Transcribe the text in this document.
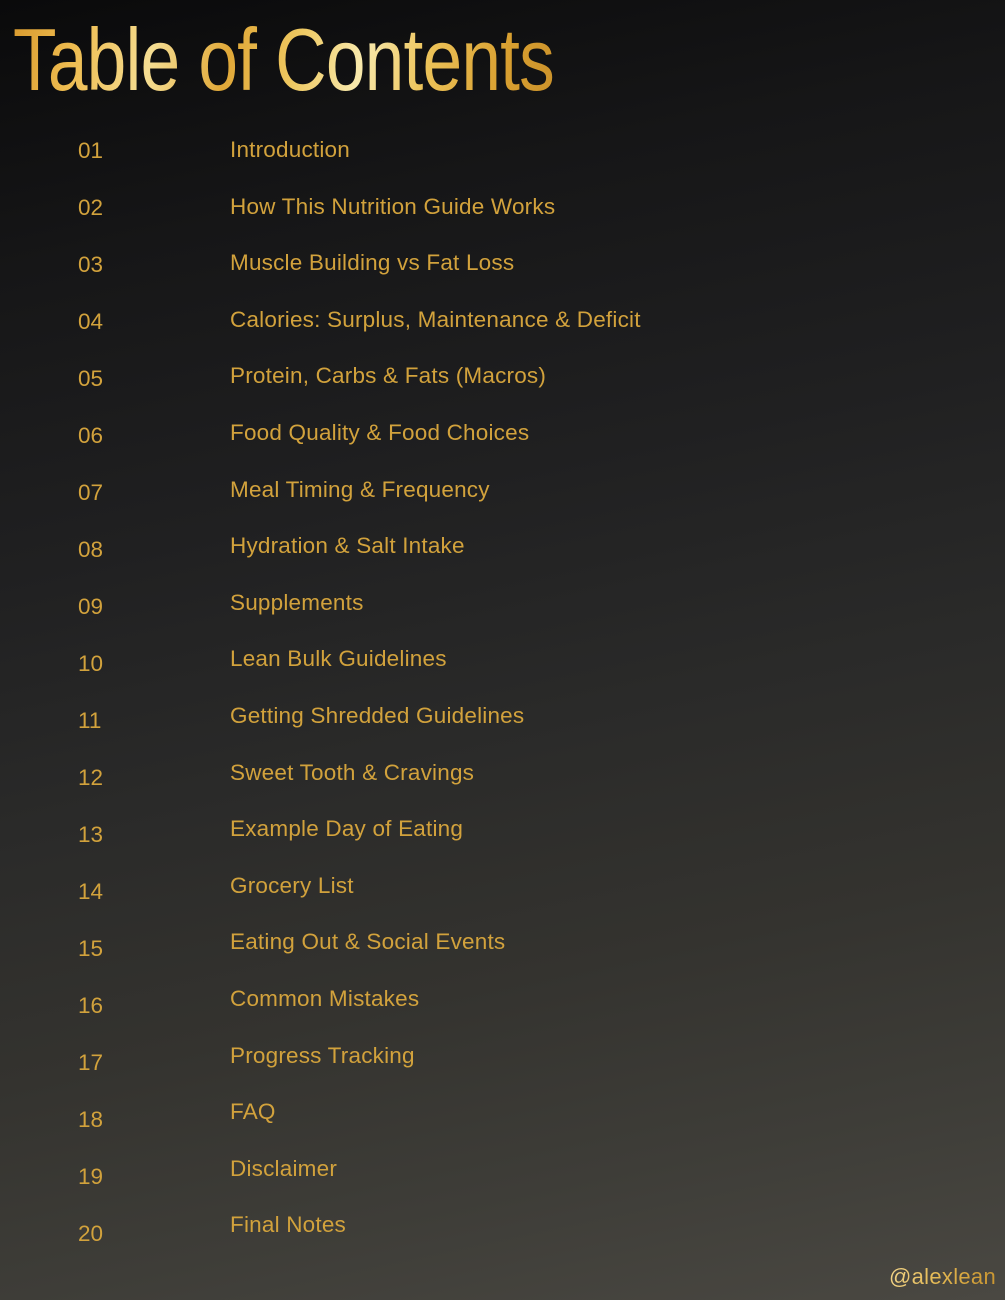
Table of Contents
01
02
03
04
05
06
07
08
09
10
11
12
13
14
15
16
17
18
19
20
Introduction
How This Nutrition Guide Works
Muscle Building vs Fat Loss
Calories: Surplus, Maintenance & Deficit
Protein, Carbs & Fats (Macros)
Food Quality & Food Choices
Meal Timing & Frequency
Hydration & Salt Intake
Supplements
Lean Bulk Guidelines
Getting Shredded Guidelines
Sweet Tooth & Cravings
Example Day of Eating
Grocery List
Eating Out & Social Events
Common Mistakes
Progress Tracking
FAQ
Disclaimer
Final Notes
@alexlean
